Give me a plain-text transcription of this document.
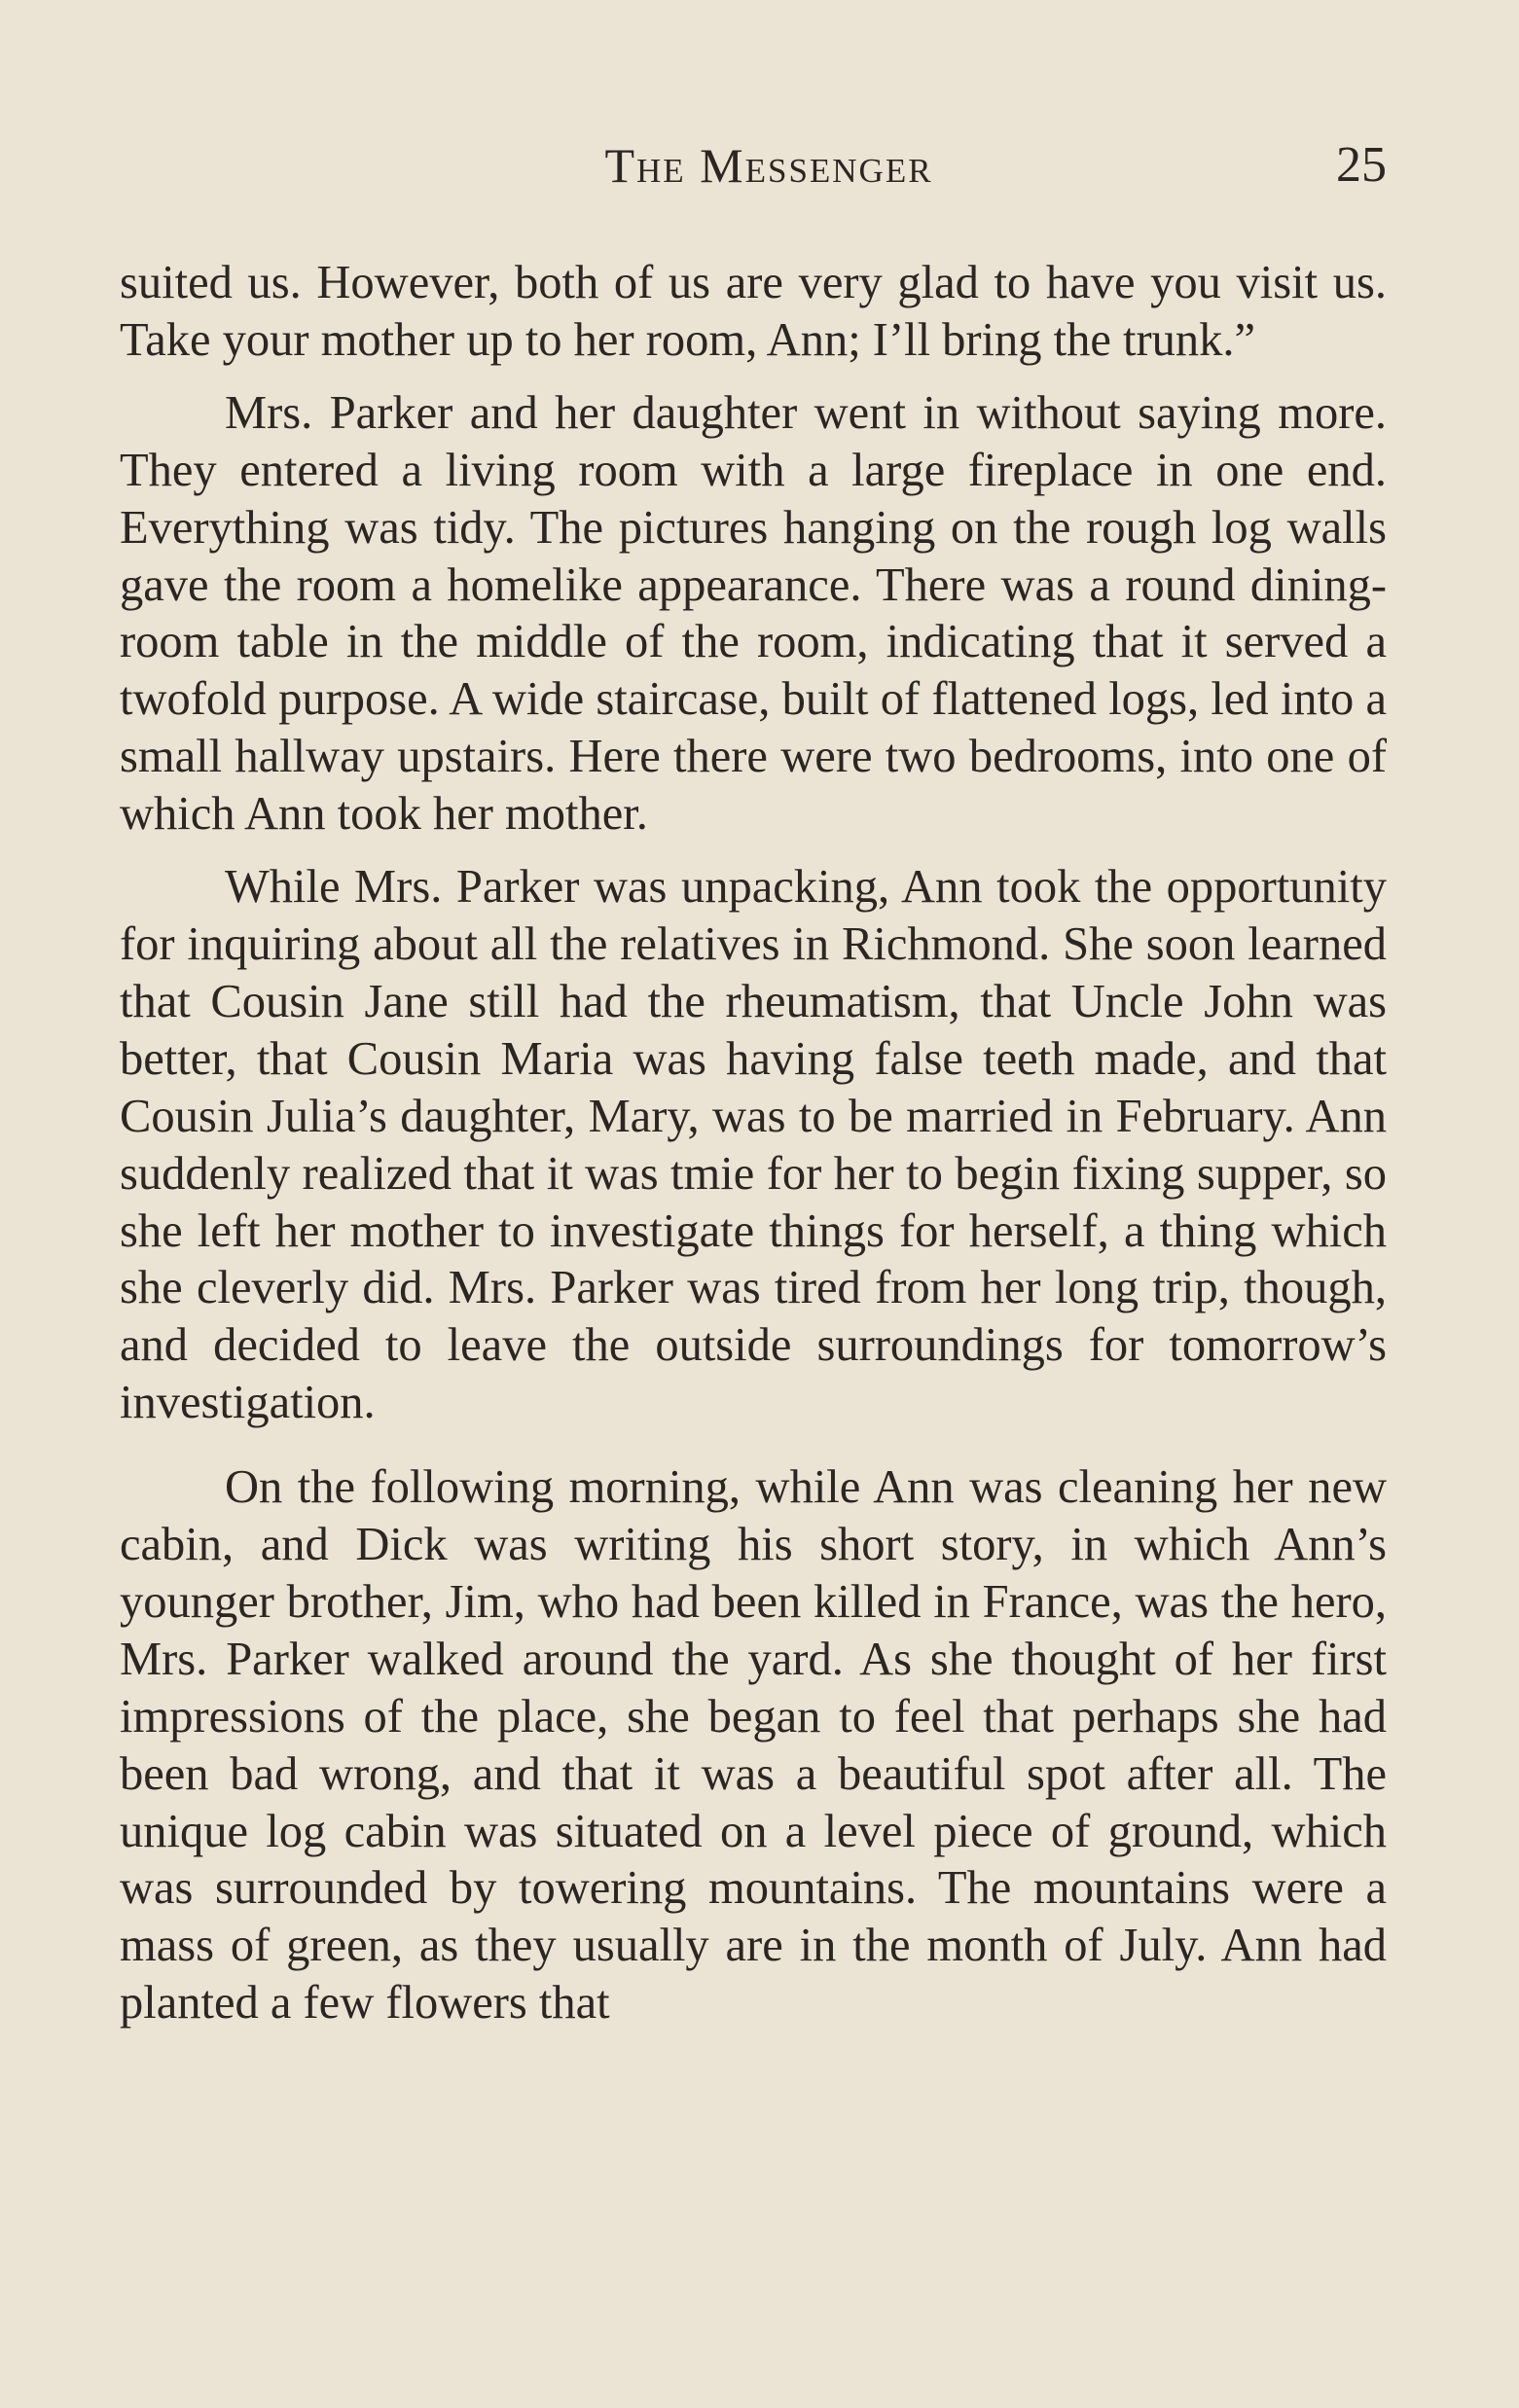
The Messenger	25

suited us. However, both of us are very glad to have you visit us. Take your mother up to her room, Ann; I’ll bring the trunk.”

Mrs. Parker and her daughter went in without saying more. They entered a living room with a large fireplace in one end. Everything was tidy. The pictures hanging on the rough log walls gave the room a homelike appearance. There was a round dining-room table in the middle of the room, indicating that it served a twofold purpose. A wide staircase, built of flattened logs, led into a small hallway upstairs. Here there were two bedrooms, into one of which Ann took her mother.

While Mrs. Parker was unpacking, Ann took the opportunity for inquiring about all the relatives in Richmond. She soon learned that Cousin Jane still had the rheumatism, that Uncle John was better, that Cousin Maria was having false teeth made, and that Cousin Julia’s daughter, Mary, was to be married in February. Ann suddenly realized that it was tmie for her to begin fixing supper, so she left her mother to investigate things for herself, a thing which she cleverly did. Mrs. Parker was tired from her long trip, though, and decided to leave the outside surroundings for tomorrow’s investigation.

On the following morning, while Ann was cleaning her new cabin, and Dick was writing his short story, in which Ann’s younger brother, Jim, who had been killed in France, was the hero, Mrs. Parker walked around the yard. As she thought of her first impressions of the place, she began to feel that perhaps she had been bad wrong, and that it was a beautiful spot after all. The unique log cabin was situated on a level piece of ground, which was surrounded by towering mountains. The mountains were a mass of green, as they usually are in the month of July. Ann had planted a few flowers that
